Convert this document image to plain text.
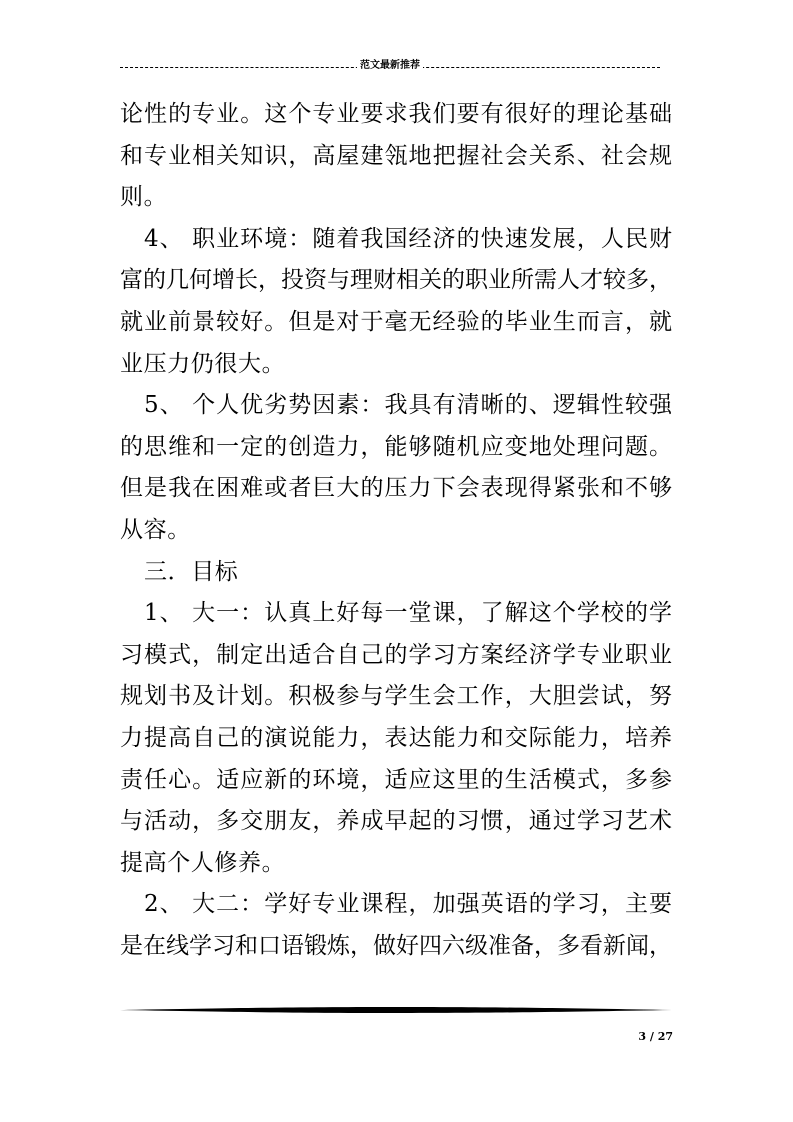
范文最新推荐
论性的专业。这个专业要求我们要有很好的理论基础
和专业相关知识，高屋建瓴地把握社会关系、社会规
则。
4、 职业环境：随着我国经济的快速发展，人民财
富的几何增长，投资与理财相关的职业所需人才较多，
就业前景较好。但是对于毫无经验的毕业生而言，就
业压力仍很大。
5、 个人优劣势因素：我具有清晰的、逻辑性较强
的思维和一定的创造力，能够随机应变地处理问题。
但是我在困难或者巨大的压力下会表现得紧张和不够
从容。
三．目标
1、 大一：认真上好每一堂课，了解这个学校的学
习模式，制定出适合自己的学习方案经济学专业职业
规划书及计划。积极参与学生会工作，大胆尝试，努
力提高自己的演说能力，表达能力和交际能力，培养
责任心。适应新的环境，适应这里的生活模式，多参
与活动，多交朋友，养成早起的习惯，通过学习艺术
提高个人修养。
2、 大二：学好专业课程，加强英语的学习，主要
是在线学习和口语锻炼，做好四六级准备，多看新闻，
3 / 27
